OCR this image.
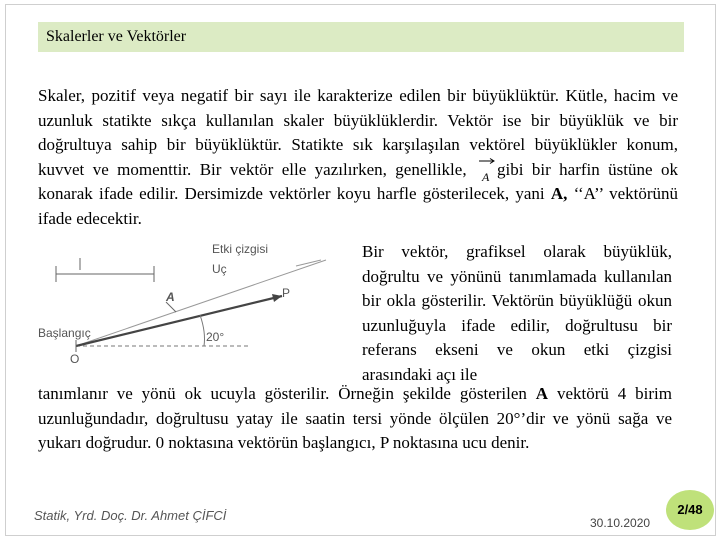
Skalerler ve Vektörler

Skaler, pozitif veya negatif bir sayı ile karakterize edilen bir büyüklüktür. Kütle, hacim ve uzunluk statikte sıkça kullanılan skaler büyüklüklerdir. Vektör ise bir büyüklük ve bir doğrultuya sahip bir büyüklüktür. Statikte sık karşılaşılan vektörel büyüklükler konum, kuvvet ve momenttir. Bir vektör elle yazılırken, genellikle, A gibi bir harfin üstüne ok konarak ifade edilir. Dersimizde vektörler koyu harfle gösterilecek, yani A, ‘‘A’’ vektörünü ifade edecektir.

Etki çizgisi
Uç
Başlangıç
A	P
O
20°

Bir vektör, grafiksel olarak büyüklük, doğrultu ve yönünü tanımlamada kullanılan bir okla gösterilir. Vektörün büyüklüğü okun uzunluğuyla ifade edilir, doğrultusu bir referans ekseni ve okun etki çizgisi arasındaki açı ile

tanımlanır ve yönü ok ucuyla gösterilir. Örneğin şekilde gösterilen A vektörü 4 birim uzunluğundadır, doğrultusu yatay ile saatin tersi yönde ölçülen 20°’dir ve yönü sağa ve yukarı doğrudur. 0 noktasına vektörün başlangıcı, P noktasına ucu denir.

Statik, Yrd. Doç. Dr. Ahmet ÇİFCİ	30.10.2020
2/48
